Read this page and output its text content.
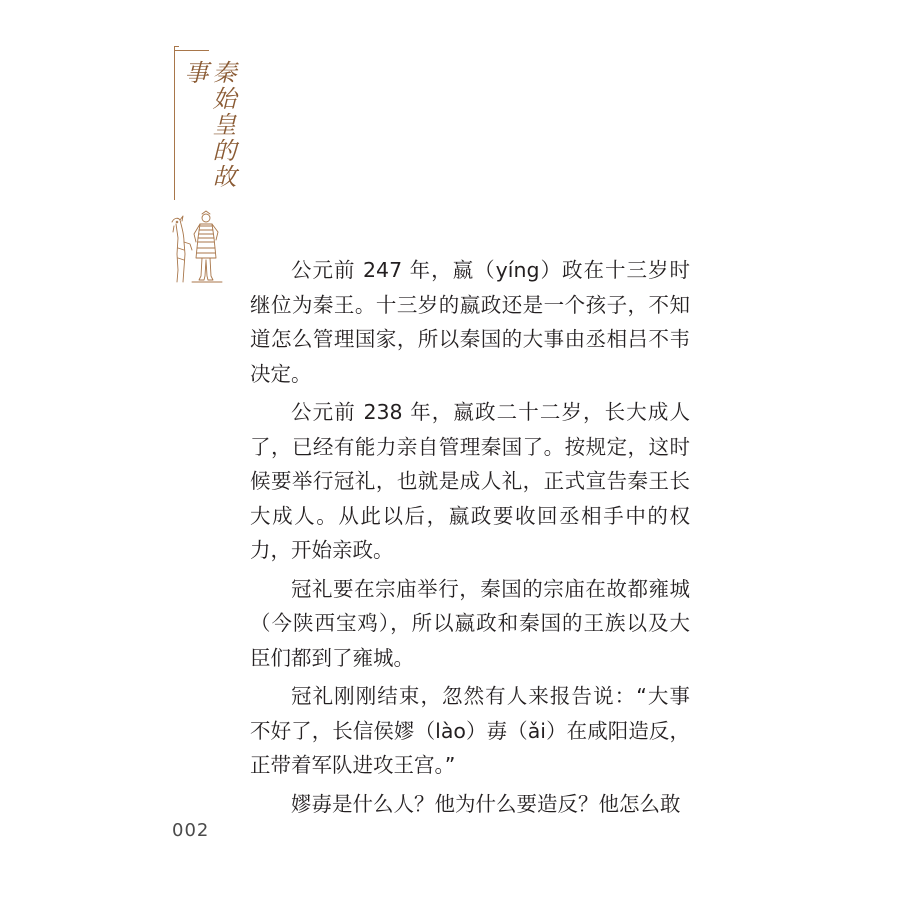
秦始皇的故事

公元前 247 年，嬴（yíng）政在十三岁时继位为秦王。十三岁的嬴政还是一个孩子，不知道怎么管理国家，所以秦国的大事由丞相吕不韦决定。

公元前 238 年，嬴政二十二岁，长大成人了，已经有能力亲自管理秦国了。按规定，这时候要举行冠礼，也就是成人礼，正式宣告秦王长大成人。从此以后，嬴政要收回丞相手中的权力，开始亲政。

冠礼要在宗庙举行，秦国的宗庙在故都雍城（今陕西宝鸡），所以嬴政和秦国的王族以及大臣们都到了雍城。

冠礼刚刚结束，忽然有人来报告说：“大事不好了，长信侯嫪（lào）毐（ǎi）在咸阳造反，正带着军队进攻王宫。”

嫪毐是什么人？他为什么要造反？他怎么敢

002
